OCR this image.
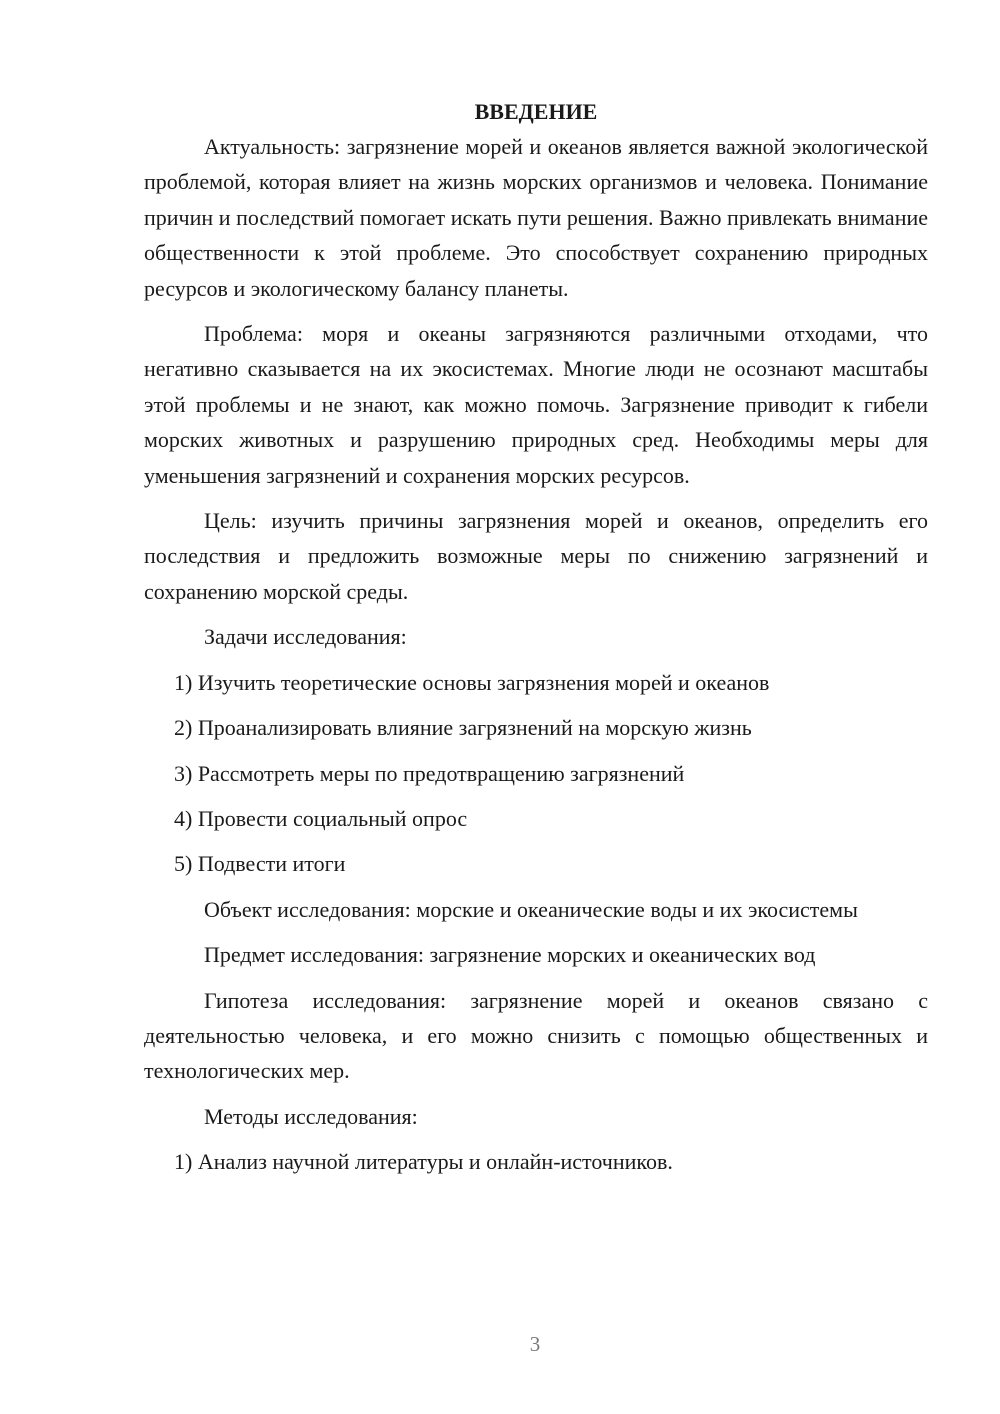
ВВЕДЕНИЕ

Актуальность: загрязнение морей и океанов является важной экологической проблемой, которая влияет на жизнь морских организмов и человека. Понимание причин и последствий помогает искать пути решения. Важно привлекать внимание общественности к этой проблеме. Это способствует сохранению природных ресурсов и экологическому балансу планеты.

Проблема: моря и океаны загрязняются различными отходами, что негативно сказывается на их экосистемах. Многие люди не осознают масштабы этой проблемы и не знают, как можно помочь. Загрязнение приводит к гибели морских животных и разрушению природных сред. Необходимы меры для уменьшения загрязнений и сохранения морских ресурсов.

Цель: изучить причины загрязнения морей и океанов, определить его последствия и предложить возможные меры по снижению загрязнений и сохранению морской среды.

Задачи исследования:

1) Изучить теоретические основы загрязнения морей и океанов
2) Проанализировать влияние загрязнений на морскую жизнь
3) Рассмотреть меры по предотвращению загрязнений
4) Провести социальный опрос
5) Подвести итоги

Объект исследования: морские и океанические воды и их экосистемы

Предмет исследования: загрязнение морских и океанических вод

Гипотеза исследования: загрязнение морей и океанов связано с деятельностью человека, и его можно снизить с помощью общественных и технологических мер.

Методы исследования:

1) Анализ научной литературы и онлайн-источников.
3
